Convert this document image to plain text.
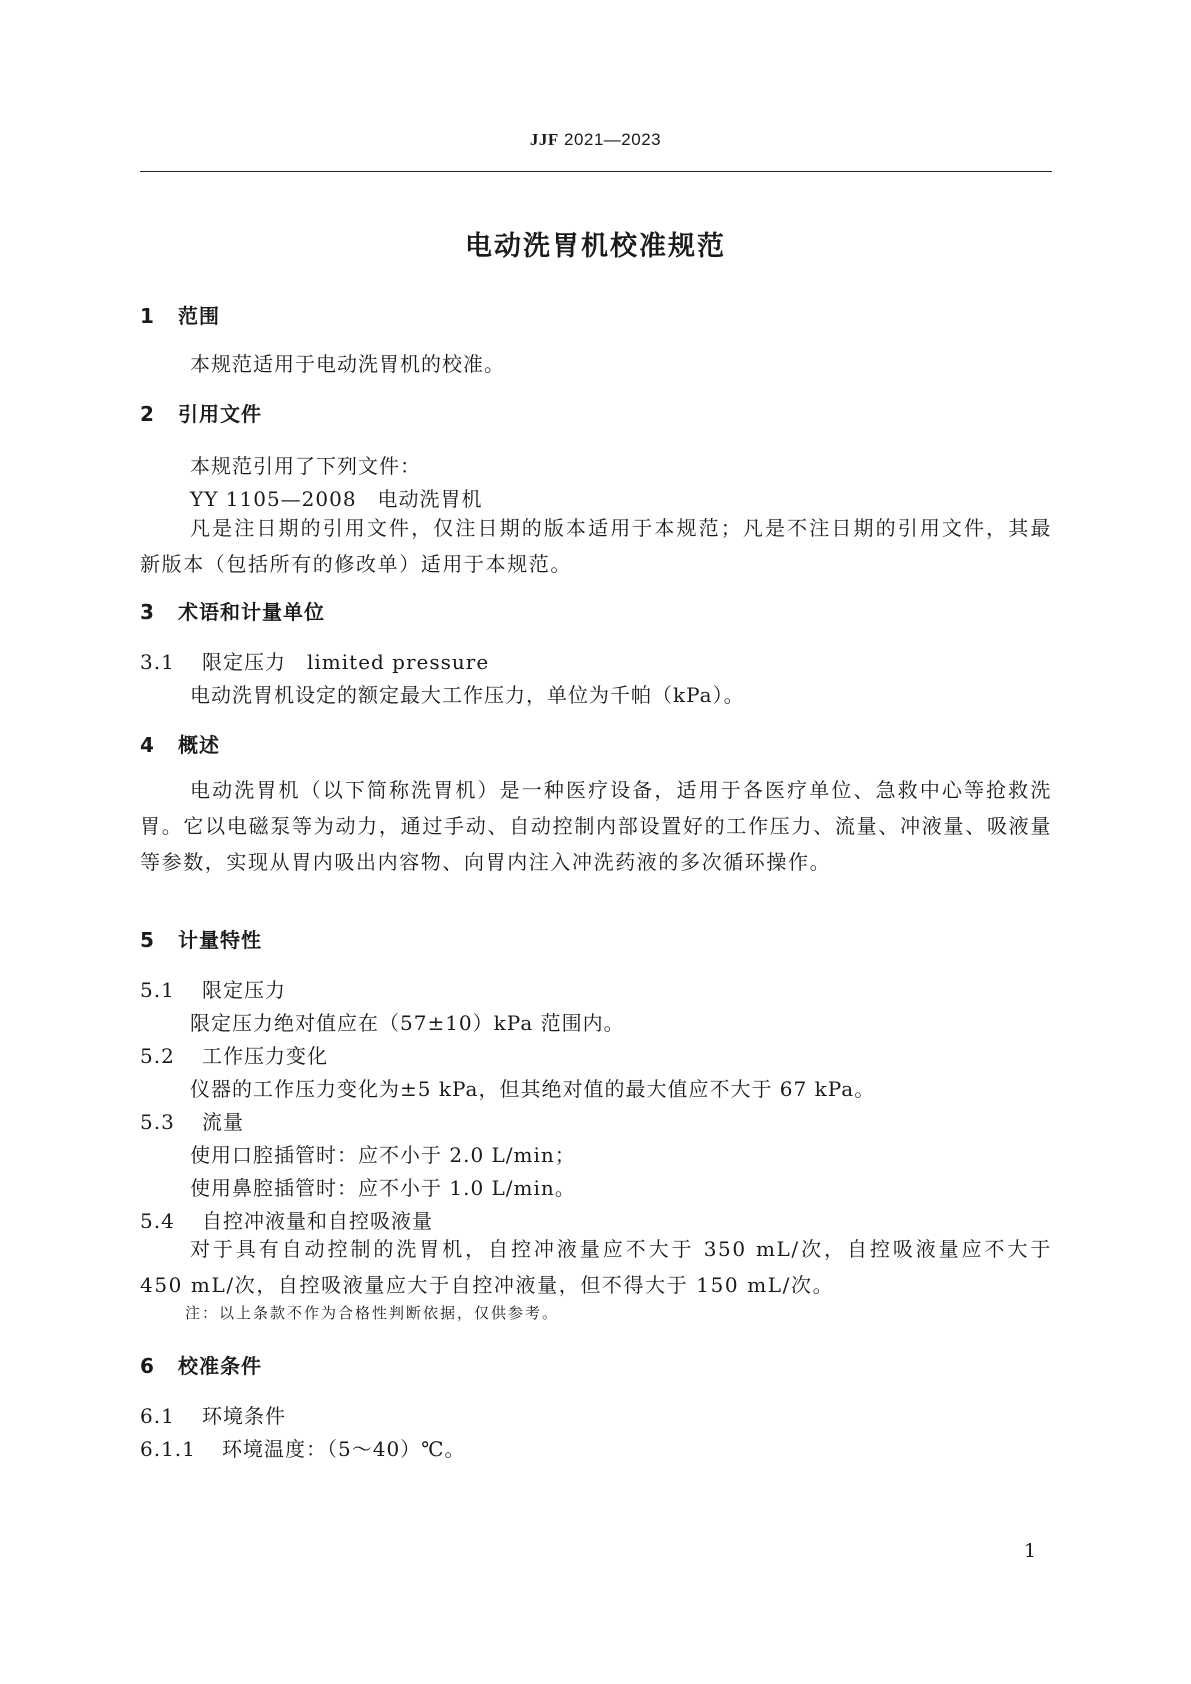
JJF 2021—2023
电动洗胃机校准规范
1 范围
本规范适用于电动洗胃机的校准。
2 引用文件
本规范引用了下列文件：
YY 1105—2008　电动洗胃机
凡是注日期的引用文件，仅注日期的版本适用于本规范；凡是不注日期的引用文件，其最新版本（包括所有的修改单）适用于本规范。
3 术语和计量单位
3.1 限定压力　limited pressure
电动洗胃机设定的额定最大工作压力，单位为千帕（kPa）。
4 概述
电动洗胃机（以下简称洗胃机）是一种医疗设备，适用于各医疗单位、急救中心等抢救洗胃。它以电磁泵等为动力，通过手动、自动控制内部设置好的工作压力、流量、冲液量、吸液量等参数，实现从胃内吸出内容物、向胃内注入冲洗药液的多次循环操作。
5 计量特性
5.1 限定压力
限定压力绝对值应在（57±10）kPa 范围内。
5.2 工作压力变化
仪器的工作压力变化为±5 kPa，但其绝对值的最大值应不大于 67 kPa。
5.3 流量
使用口腔插管时：应不小于 2.0 L/min；
使用鼻腔插管时：应不小于 1.0 L/min。
5.4 自控冲液量和自控吸液量
对于具有自动控制的洗胃机，自控冲液量应不大于 350 mL/次，自控吸液量应不大于 450 mL/次，自控吸液量应大于自控冲液量，但不得大于 150 mL/次。
注：以上条款不作为合格性判断依据，仅供参考。
6 校准条件
6.1 环境条件
6.1.1 环境温度：（5～40）℃。
1
